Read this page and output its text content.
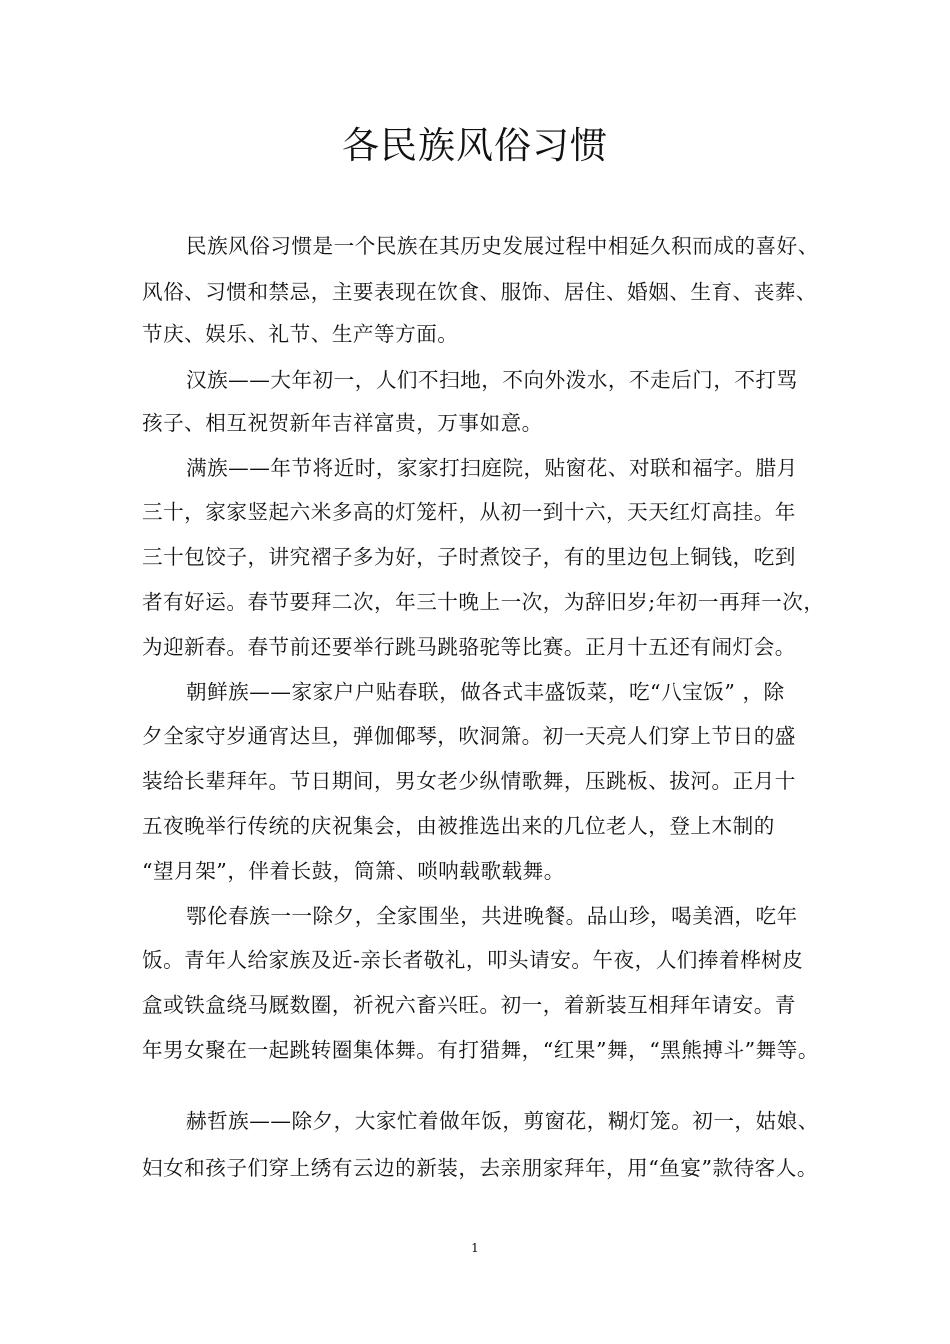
各民族风俗习惯
民族风俗习惯是一个民族在其历史发展过程中相延久积而成的喜好、
风俗、习惯和禁忌，主要表现在饮食、服饰、居住、婚姻、生育、丧葬、
节庆、娱乐、礼节、生产等方面。
汉族——大年初一，人们不扫地，不向外泼水，不走后门，不打骂
孩子、相互祝贺新年吉祥富贵，万事如意。
满族——年节将近时，家家打扫庭院，贴窗花、对联和福字。腊月
三十，家家竖起六米多高的灯笼杆，从初一到十六，天天红灯高挂。年
三十包饺子，讲究褶子多为好，子时煮饺子，有的里边包上铜钱，吃到
者有好运。春节要拜二次，年三十晚上一次，为辞旧岁;年初一再拜一次，
为迎新春。春节前还要举行跳马跳骆驼等比赛。正月十五还有闹灯会。
朝鲜族——家家户户贴春联，做各式丰盛饭菜，吃“八宝饭” ，除
夕全家守岁通宵达旦，弹伽倻琴，吹洞箫。初一天亮人们穿上节日的盛
装给长辈拜年。节日期间，男女老少纵情歌舞，压跳板、拔河。正月十
五夜晚举行传统的庆祝集会，由被推选出来的几位老人，登上木制的
“望月架”，伴着长鼓，筒箫、唢呐载歌载舞。
鄂伦春族一一除夕，全家围坐，共进晚餐。品山珍，喝美酒，吃年
饭。青年人给家族及近-亲长者敬礼，叩头请安。午夜，人们捧着桦树皮
盒或铁盒绕马厩数圈，祈祝六畜兴旺。初一，着新装互相拜年请安。青
年男女聚在一起跳转圈集体舞。有打猎舞，“红果”舞，“黑熊搏斗”舞等。
赫哲族——除夕，大家忙着做年饭，剪窗花，糊灯笼。初一，姑娘、
妇女和孩子们穿上绣有云边的新装，去亲朋家拜年，用“鱼宴”款待客人。
1
